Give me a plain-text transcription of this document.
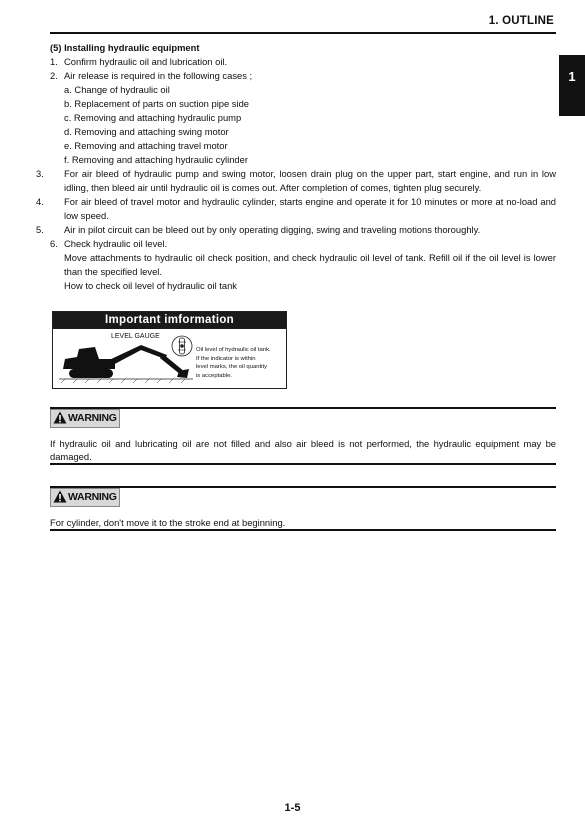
1. OUTLINE
1
(5) Installing hydraulic equipment
1. Confirm hydraulic oil and lubrication oil.
2. Air release is required in the following cases ;
a. Change of hydraulic oil
b. Replacement of parts on suction pipe side
c. Removing and attaching hydraulic pump
d. Removing and attaching swing motor
e. Removing and attaching travel motor
f. Removing and attaching hydraulic cylinder
3. For air bleed of hydraulic pump and swing motor, loosen drain plug on the upper part, start engine, and run in low idling, then bleed air until hydraulic oil is comes out. After completion of comes, tighten plug securely.
4. For air bleed of travel motor and hydraulic cylinder, starts engine and operate it for 10 minutes or more at no-load and low speed.
5. Air in pilot circuit can be bleed out by only operating digging, swing and traveling motions thoroughly.
6. Check hydraulic oil level.
Move attachments to hydraulic oil check position, and check hydraulic oil level of tank. Refill oil if the oil level is lower than the specified level.
How to check oil level of hydraulic oil tank
Important imformation
LEVEL GAUGE
Oil level of hydraulic oil tank.
If the indicator is within
level marks, the oil quantity
is acceptable.
WARNING
If hydraulic oil and lubricating oil are not filled and also air bleed is not performed, the hydraulic equipment may be damaged.
WARNING
For cylinder, don't move it to the stroke end at beginning.
1-5
